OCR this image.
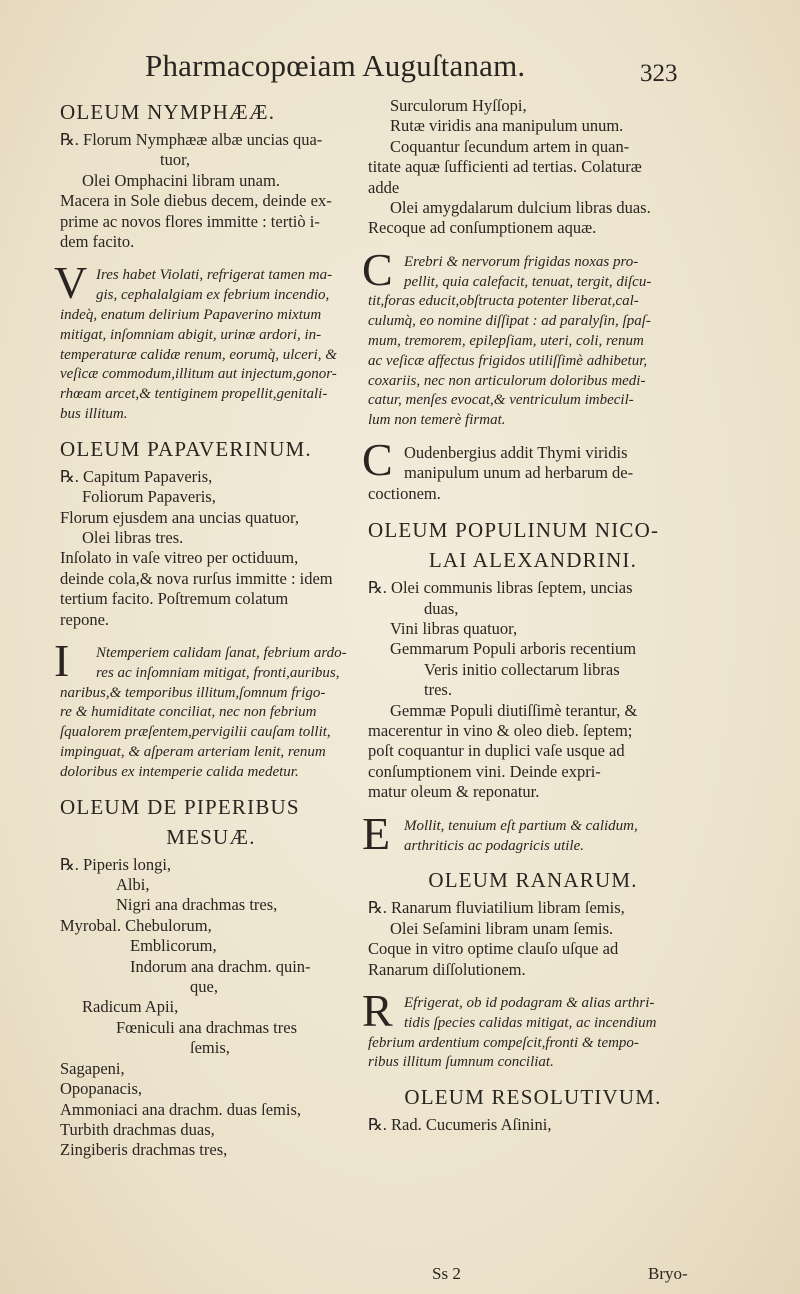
Pharmacopœiam Auguſtanam.	323
OLEUM NYMPHÆÆ.
℞. Florum Nymphææ albæ uncias qua-
tuor,
Olei Omphacini libram unam.
Macera in Sole diebus decem, deinde ex-
prime ac novos flores immitte : tertiò i-
dem facito.
V Ires habet Violati, refrigerat tamen ma-
gis, cephalalgiam ex febrium incendio,
indeq̀, enatum delirium Papaverino mixtum
mitigat, inſomniam abigit, urinæ ardori, in-
temperaturæ calidæ renum, eorumq̀, ulceri, &
veſicæ commodum,illitum aut injectum,gonor-
rhœam arcet,& tentiginem propellit,genitali-
bus illitum.
OLEUM PAPAVERINUM.
℞. Capitum Papaveris,
Foliorum Papaveris,
Florum ejusdem ana uncias quatuor,
Olei libras tres.
Inſolato in vaſe vitreo per octiduum,
deinde cola,& nova rurſus immitte : idem
tertium facito. Poſtremum colatum
repone.
I	Ntemperiem calidam ſanat, febrium ardo-
res ac inſomniam mitigat, fronti,auribus,
naribus,& temporibus illitum,ſomnum frigo-
re & humiditate conciliat, nec non febrium
ſqualorem præſentem,pervigilii cauſam tollit,
impinguat, & aſperam arteriam lenit, renum
doloribus ex intemperie calida medetur.
OLEUM DE PIPERIBUS
MESUÆ.
℞. Piperis longi,
Albi,
Nigri ana drachmas tres,
Myrobal. Chebulorum,
Emblicorum,
Indorum ana drachm. quin-
que,
Radicum Apii,
Fœniculi ana drachmas tres
ſemis,
Sagapeni,
Opopanacis,
Ammoniaci ana drachm. duas ſemis,
Turbith drachmas duas,
Zingiberis drachmas tres,
Surculorum Hyſſopi,
Rutæ viridis ana manipulum unum.
Coquantur ſecundum artem in quan-
titate aquæ ſufficienti ad tertias. Colaturæ
adde
Olei amygdalarum dulcium libras duas.
Recoque ad conſumptionem aquæ.
C Erebri & nervorum frigidas noxas pro-
pellit, quia calefacit, tenuat, tergit, diſcu-
tit,foras educit,obſtructa potenter liberat,cal-
culumq̀, eo nomine diſſipat : ad paralyſin, ſpaſ-
mum, tremorem, epilepſiam, uteri, coli, renum
ac veſicæ affectus frigidos utiliſſimè adhibetur,
coxariis, nec non articulorum doloribus medi-
catur, menſes evocat,& ventriculum imbecil-
lum non temerè firmat.
C Oudenbergius addit Thymi viridis
manipulum unum ad herbarum de-
coctionem.
OLEUM POPULINUM NICO-
LAI ALEXANDRINI.
℞. Olei communis libras ſeptem, uncias
duas,
Vini libras quatuor,
Gemmarum Populi arboris recentium
Veris initio collectarum libras
tres.
Gemmæ Populi diutiſſimè terantur, &
macerentur in vino & oleo dieb. ſeptem;
poſt coquantur in duplici vaſe usque ad
conſumptionem vini. Deinde expri-
matur oleum & reponatur.
E Mollit, tenuium eſt partium & calidum,
arthriticis ac podagricis utile.
OLEUM RANARUM.
℞. Ranarum fluviatilium libram ſemis,
Olei Seſamini libram unam ſemis.
Coque in vitro optime clauſo uſque ad
Ranarum diſſolutionem.
R Efrigerat, ob id podagram & alias arthri-
tidis ſpecies calidas mitigat, ac incendium
febrium ardentium compeſcit,fronti & tempo-
ribus illitum ſumnum conciliat.
OLEUM RESOLUTIVUM.
℞. Rad. Cucumeris Aſinini,
Ss 2	Bryo-
